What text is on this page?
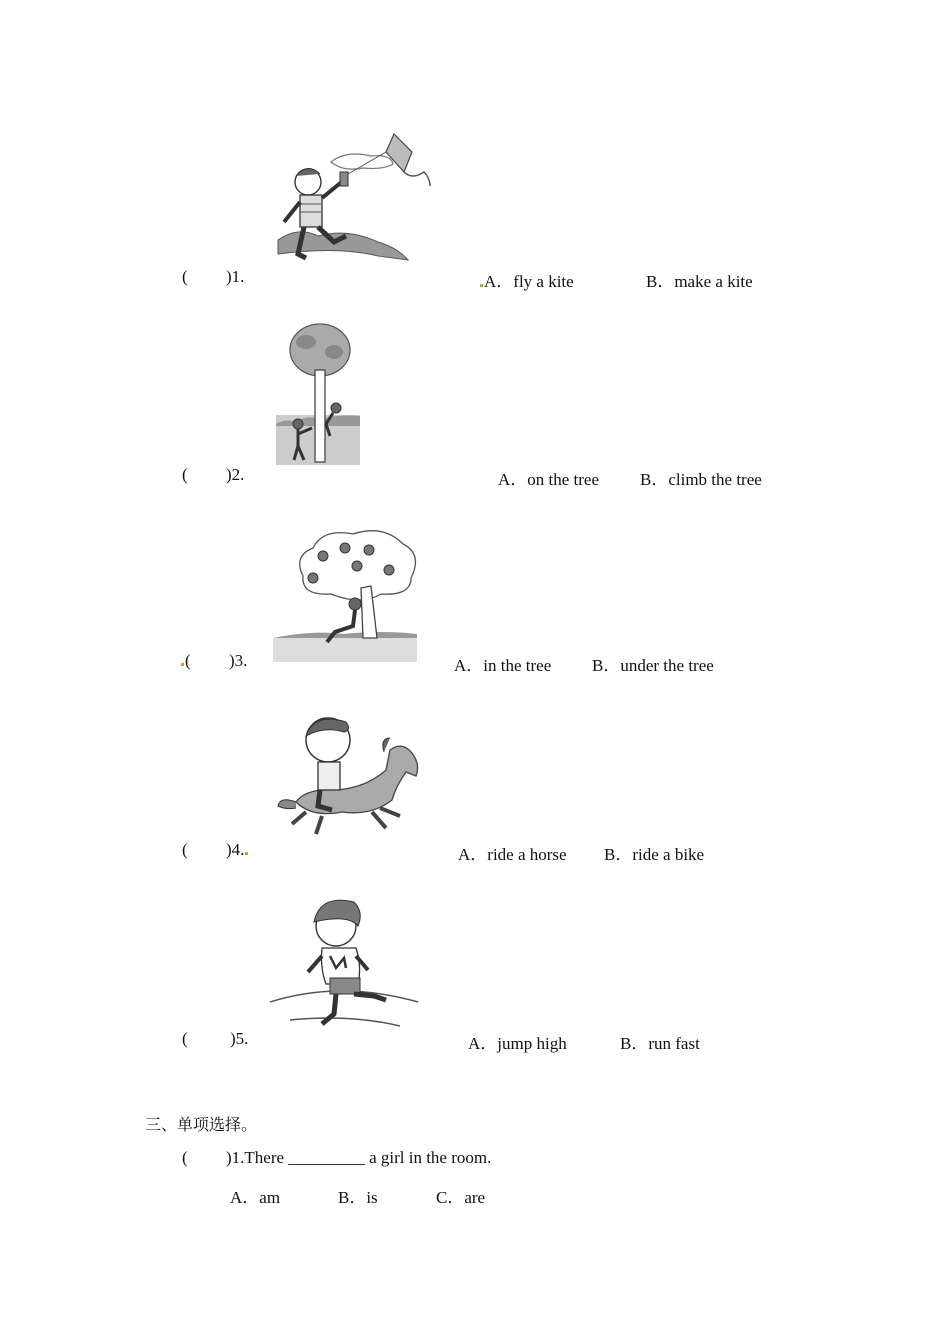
( )1.	A．fly a kite	B．make a kite
( )2.	A．on the tree B．climb the tree
( )3.	A．in the tree B．under the tree
( )4.	A．ride a horse B．ride a bike
( )5.	A．jump high	B．run fast
三、单项选择。
( )1.There _________ a girl in the room.
A．am	B．is	C．are
